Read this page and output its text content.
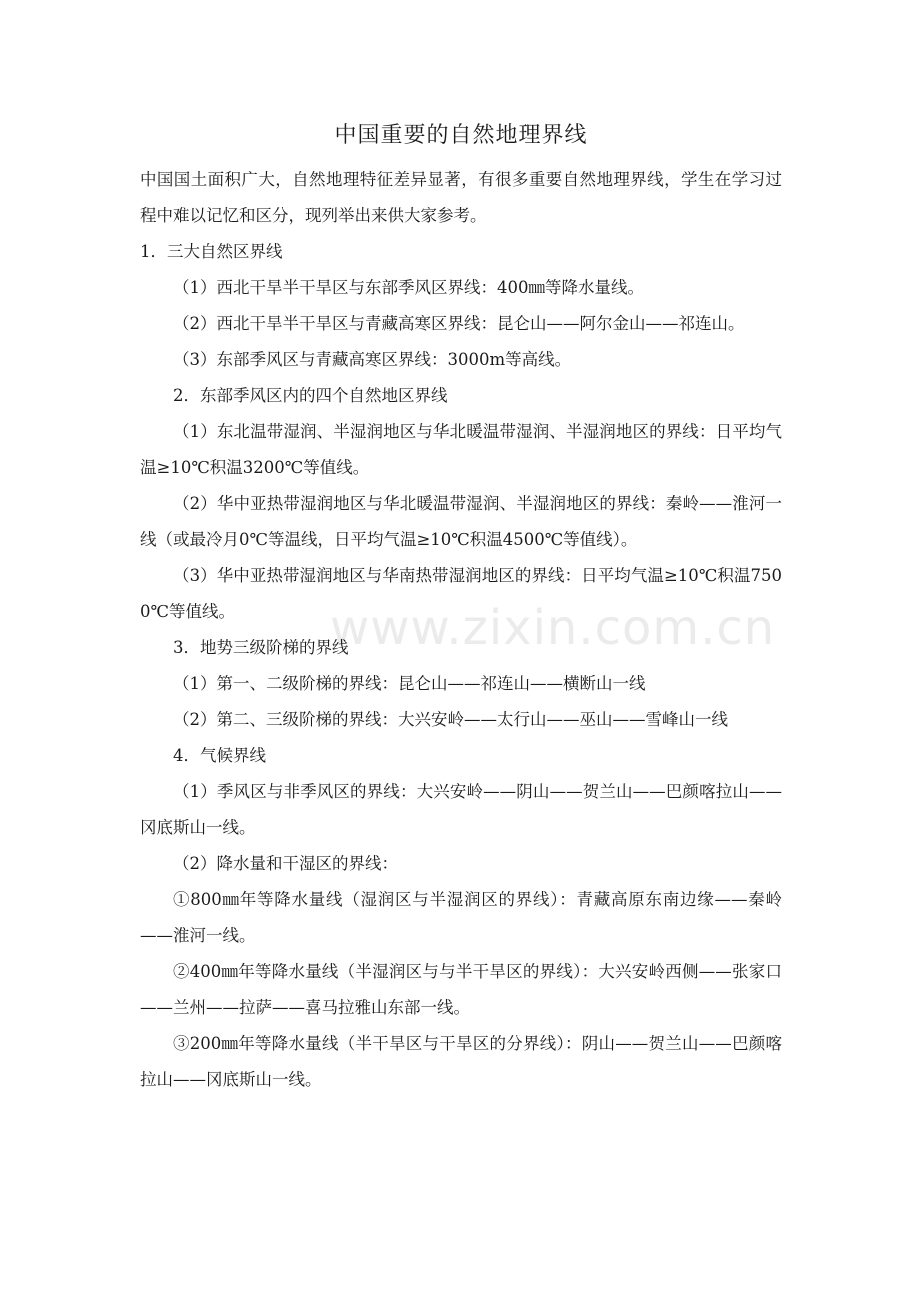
www.zixin.com.cn
中国重要的自然地理界线

中国国土面积广大，自然地理特征差异显著，有很多重要自然地理界线，学生在学习过程中难以记忆和区分，现列举出来供大家参考。

1．三大自然区界线

（1）西北干旱半干旱区与东部季风区界线：400㎜等降水量线。

（2）西北干旱半干旱区与青藏高寒区界线：昆仑山——阿尔金山——祁连山。

（3）东部季风区与青藏高寒区界线：3000m等高线。

2．东部季风区内的四个自然地区界线

（1）东北温带湿润、半湿润地区与华北暖温带湿润、半湿润地区的界线：日平均气温≥10℃积温3200℃等值线。

（2）华中亚热带湿润地区与华北暖温带湿润、半湿润地区的界线：秦岭——淮河一线（或最冷月0℃等温线，日平均气温≥10℃积温4500℃等值线）。

（3）华中亚热带湿润地区与华南热带湿润地区的界线：日平均气温≥10℃积温7500℃等值线。

3．地势三级阶梯的界线

（1）第一、二级阶梯的界线：昆仑山——祁连山——横断山一线

（2）第二、三级阶梯的界线：大兴安岭——太行山——巫山——雪峰山一线

4．气候界线

（1）季风区与非季风区的界线：大兴安岭——阴山——贺兰山——巴颜喀拉山——冈底斯山一线。

（2）降水量和干湿区的界线：

①800㎜年等降水量线（湿润区与半湿润区的界线）：青藏高原东南边缘——秦岭——淮河一线。

②400㎜年等降水量线（半湿润区与与半干旱区的界线）：大兴安岭西侧——张家口——兰州——拉萨——喜马拉雅山东部一线。

③200㎜年等降水量线（半干旱区与干旱区的分界线）：阴山——贺兰山——巴颜喀拉山——冈底斯山一线。
